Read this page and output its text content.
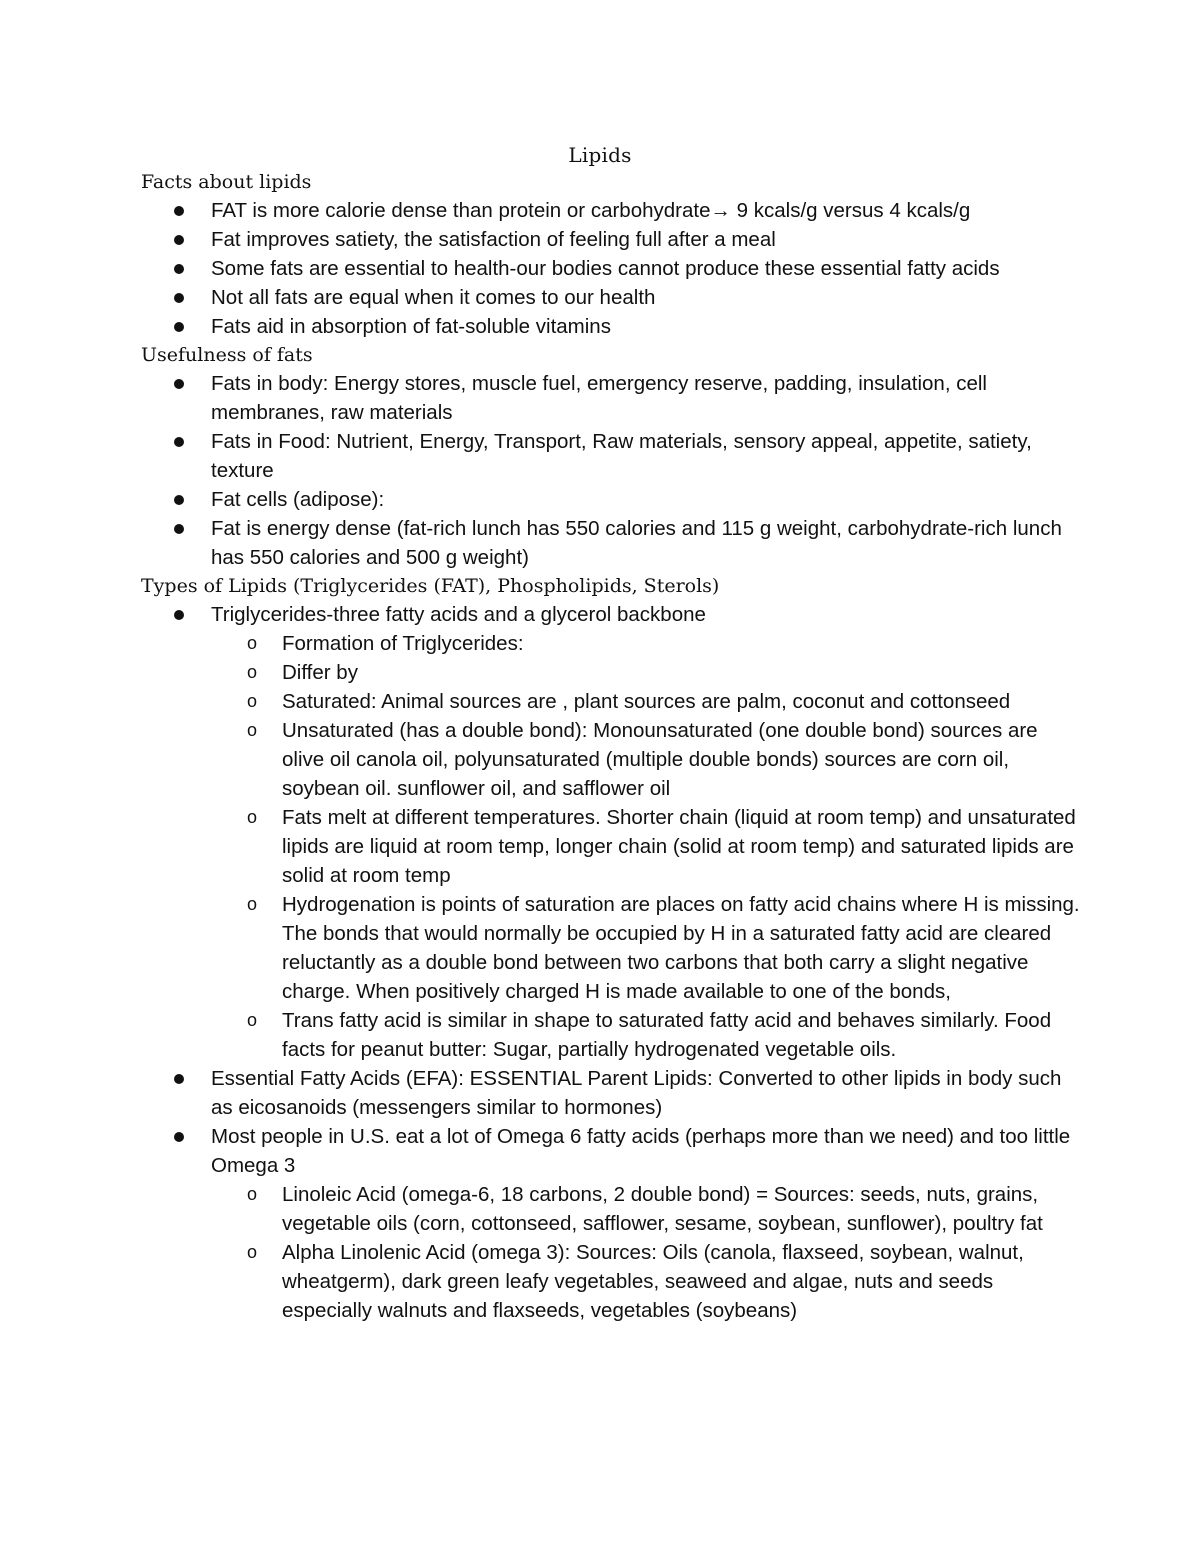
Lipids

Facts about lipids

FAT is more calorie dense than protein or carbohydrate→ 9 kcals/g versus 4 kcals/g
Fat improves satiety, the satisfaction of feeling full after a meal
Some fats are essential to health-our bodies cannot produce these essential fatty acids
Not all fats are equal when it comes to our health
Fats aid in absorption of fat-soluble vitamins

Usefulness of fats

Fats in body: Energy stores, muscle fuel, emergency reserve, padding, insulation, cell membranes, raw materials
Fats in Food: Nutrient, Energy, Transport, Raw materials, sensory appeal, appetite, satiety, texture
Fat cells (adipose):
Fat is energy dense (fat-rich lunch has 550 calories and 115 g weight, carbohydrate-rich lunch has 550 calories and 500 g weight)

Types of Lipids (Triglycerides (FAT), Phospholipids, Sterols)

Triglycerides-three fatty acids and a glycerol backbone
o Formation of Triglycerides:
o Differ by
o Saturated: Animal sources are , plant sources are palm, coconut and cottonseed
o Unsaturated (has a double bond): Monounsaturated (one double bond) sources are olive oil canola oil, polyunsaturated (multiple double bonds) sources are corn oil, soybean oil. sunflower oil, and safflower oil
o Fats melt at different temperatures. Shorter chain (liquid at room temp) and unsaturated lipids are liquid at room temp, longer chain (solid at room temp) and saturated lipids are solid at room temp
o Hydrogenation is points of saturation are places on fatty acid chains where H is missing. The bonds that would normally be occupied by H in a saturated fatty acid are cleared reluctantly as a double bond between two carbons that both carry a slight negative charge. When positively charged H is made available to one of the bonds,
o Trans fatty acid is similar in shape to saturated fatty acid and behaves similarly. Food facts for peanut butter: Sugar, partially hydrogenated vegetable oils.
Essential Fatty Acids (EFA): ESSENTIAL Parent Lipids: Converted to other lipids in body such as eicosanoids (messengers similar to hormones)
Most people in U.S. eat a lot of Omega 6 fatty acids (perhaps more than we need) and too little Omega 3
o Linoleic Acid (omega-6, 18 carbons, 2 double bond) = Sources: seeds, nuts, grains, vegetable oils (corn, cottonseed, safflower, sesame, soybean, sunflower), poultry fat
o Alpha Linolenic Acid (omega 3): Sources: Oils (canola, flaxseed, soybean, walnut, wheatgerm), dark green leafy vegetables, seaweed and algae, nuts and seeds especially walnuts and flaxseeds, vegetables (soybeans)
